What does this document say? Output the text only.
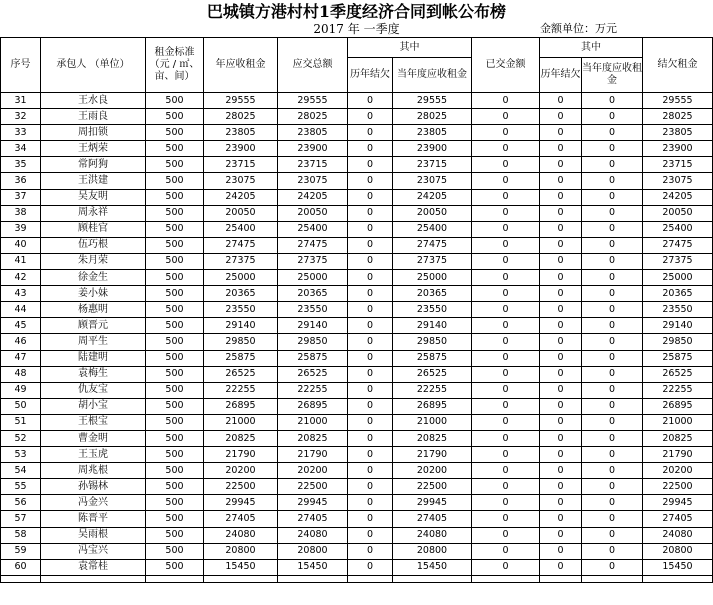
巴城镇方港村村1季度经济合同到帐公布榜
2017 年 一季度	金额单位：万元
序号	承包人 （单位）	租金标准
（元 / ㎡、
亩、间）	年应收租金	应交总额	其中		已交金额	其中		结欠租金
					历年结欠	当年度应收租金		历年结欠	当年度应收租金	
31	王水良	500	29555	29555	0	29555	0	0	0	29555
32	王雨良	500	28025	28025	0	28025	0	0	0	28025
33	周扣锁	500	23805	23805	0	23805	0	0	0	23805
34	王炳荣	500	23900	23900	0	23900	0	0	0	23900
35	常阿狗	500	23715	23715	0	23715	0	0	0	23715
36	王洪建	500	23075	23075	0	23075	0	0	0	23075
37	吴友明	500	24205	24205	0	24205	0	0	0	24205
38	周永祥	500	20050	20050	0	20050	0	0	0	20050
39	顾桂官	500	25400	25400	0	25400	0	0	0	25400
40	伍巧根	500	27475	27475	0	27475	0	0	0	27475
41	朱月荣	500	27375	27375	0	27375	0	0	0	27375
42	徐金生	500	25000	25000	0	25000	0	0	0	25000
43	姜小妹	500	20365	20365	0	20365	0	0	0	20365
44	杨惠明	500	23550	23550	0	23550	0	0	0	23550
45	顾晋元	500	29140	29140	0	29140	0	0	0	29140
46	周平生	500	29850	29850	0	29850	0	0	0	29850
47	陆建明	500	25875	25875	0	25875	0	0	0	25875
48	袁梅生	500	26525	26525	0	26525	0	0	0	26525
49	仇友宝	500	22255	22255	0	22255	0	0	0	22255
50	胡小宝	500	26895	26895	0	26895	0	0	0	26895
51	王根宝	500	21000	21000	0	21000	0	0	0	21000
52	曹金明	500	20825	20825	0	20825	0	0	0	20825
53	王玉虎	500	21790	21790	0	21790	0	0	0	21790
54	周兆根	500	20200	20200	0	20200	0	0	0	20200
55	孙锡林	500	22500	22500	0	22500	0	0	0	22500
56	冯金兴	500	29945	29945	0	29945	0	0	0	29945
57	陈晋平	500	27405	27405	0	27405	0	0	0	27405
58	吴雨根	500	24080	24080	0	24080	0	0	0	24080
59	冯宝兴	500	20800	20800	0	20800	0	0	0	20800
60	袁常桂	500	15450	15450	0	15450	0	0	0	15450
